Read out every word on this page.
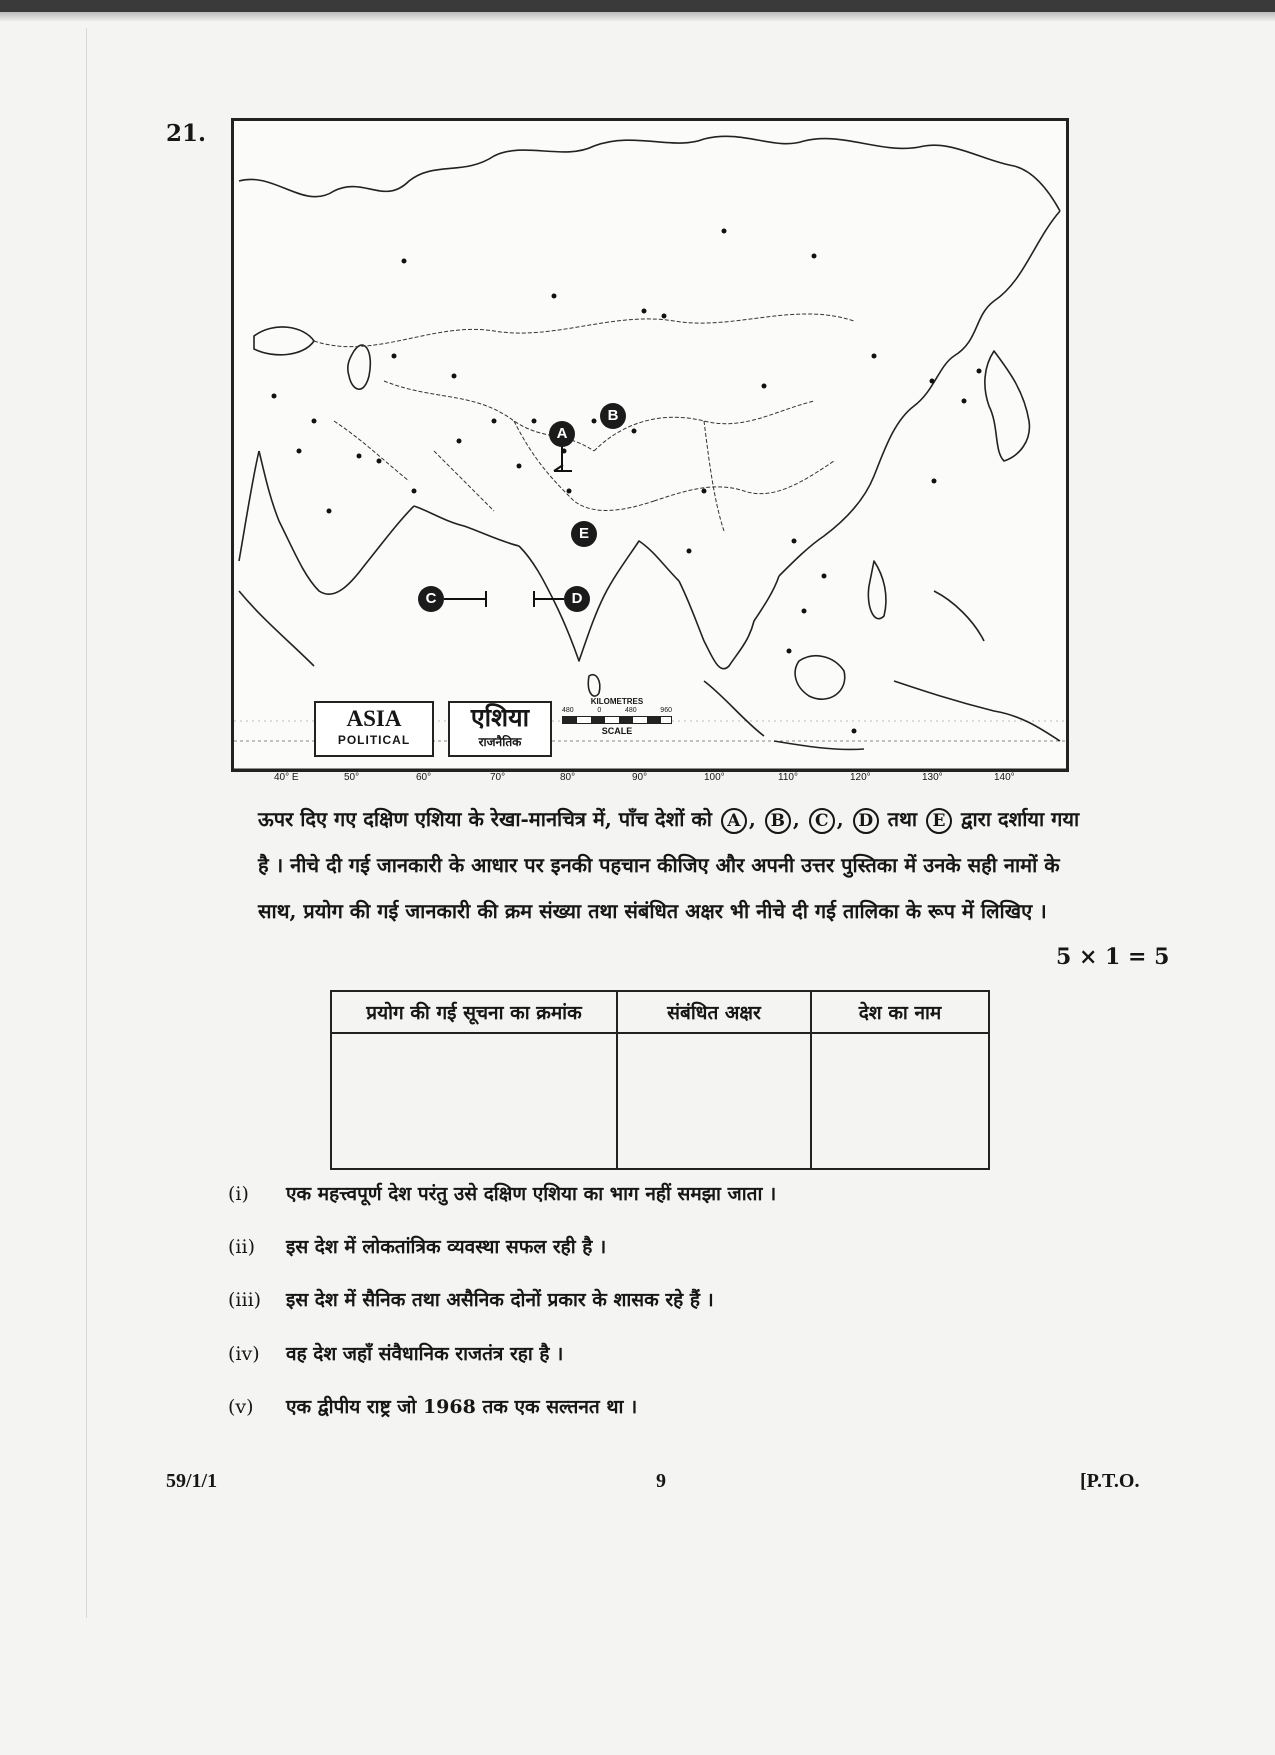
21.
A
B
C	D
E
ASIA
POLITICAL
एशिया
राजनैतिक
KILOMETRES
480	0	480	960
SCALE
40° E	50°	60°	70°	80°	90°	100°	110°	120°	130°	140°
ऊपर दिए गए दक्षिण एशिया के रेखा-मानचित्र में, पाँच देशों को A , B , C , D तथा E द्वारा दर्शाया गया है । नीचे दी गई जानकारी के आधार पर इनकी पहचान कीजिए और अपनी उत्तर पुस्तिका में उनके सही नामों के साथ, प्रयोग की गई जानकारी की क्रम संख्या तथा संबंधित अक्षर भी नीचे दी गई तालिका के रूप में लिखिए ।
5 × 1 = 5
प्रयोग की गई सूचना का क्रमांक	संबंधित अक्षर	देश का नाम

(i) एक महत्त्वपूर्ण देश परंतु उसे दक्षिण एशिया का भाग नहीं समझा जाता ।
(ii) इस देश में लोकतांत्रिक व्यवस्था सफल रही है ।
(iii) इस देश में सैनिक तथा असैनिक दोनों प्रकार के शासक रहे हैं ।
(iv) वह देश जहाँ संवैधानिक राजतंत्र रहा है ।
(v) एक द्वीपीय राष्ट्र जो 1968 तक एक सल्तनत था ।
59/1/1	9	[P.T.O.
